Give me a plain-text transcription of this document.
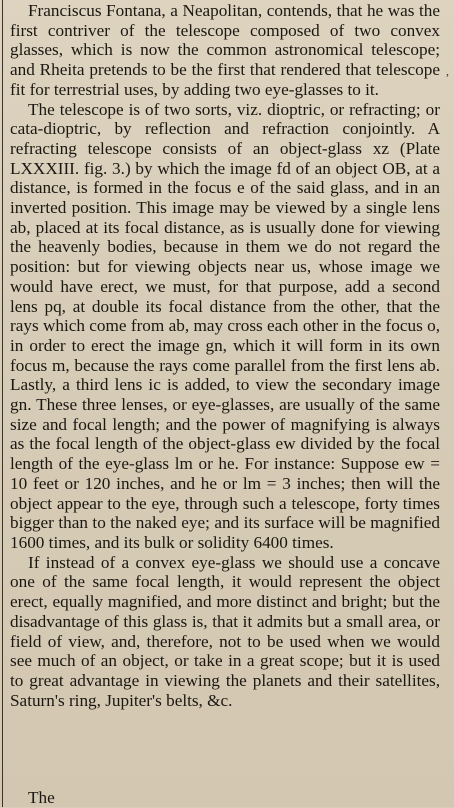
,

Franciscus Fontana, a Neapolitan, contends, that he was the first contriver of the telescope composed of two convex glasses, which is now the common astronomical telescope; and Rheita pretends to be the first that rendered that telescope fit for terrestrial uses, by adding two eye-glasses to it.

The telescope is of two sorts, viz. dioptric, or refracting; or cata-dioptric, by reflection and refraction conjointly. A refracting telescope consists of an object-glass xz (Plate LXXXIII. fig. 3.) by which the image fd of an object OB, at a distance, is formed in the focus e of the said glass, and in an inverted position. This image may be viewed by a single lens ab, placed at its focal distance, as is usually done for viewing the heavenly bodies, because in them we do not regard the position: but for viewing objects near us, whose image we would have erect, we must, for that purpose, add a second lens pq, at double its focal distance from the other, that the rays which come from ab, may cross each other in the focus o, in order to erect the image gn, which it will form in its own focus m, because the rays come parallel from the first lens ab. Lastly, a third lens ic is added, to view the secondary image gn. These three lenses, or eye-glasses, are usually of the same size and focal length; and the power of magnifying is always as the focal length of the object-glass ew divided by the focal length of the eye-glass lm or he. For instance: Suppose ew = 10 feet or 120 inches, and he or lm = 3 inches; then will the object appear to the eye, through such a telescope, forty times bigger than to the naked eye; and its surface will be magnified 1600 times, and its bulk or solidity 6400 times.

If instead of a convex eye-glass we should use a concave one of the same focal length, it would represent the object erect, equally magnified, and more distinct and bright; but the disadvantage of this glass is, that it admits but a small area, or field of view, and, therefore, not to be used when we would see much of an object, or take in a great scope; but it is used to great advantage in viewing the planets and their satellites, Saturn's ring, Jupiter's belts, &c.

The
